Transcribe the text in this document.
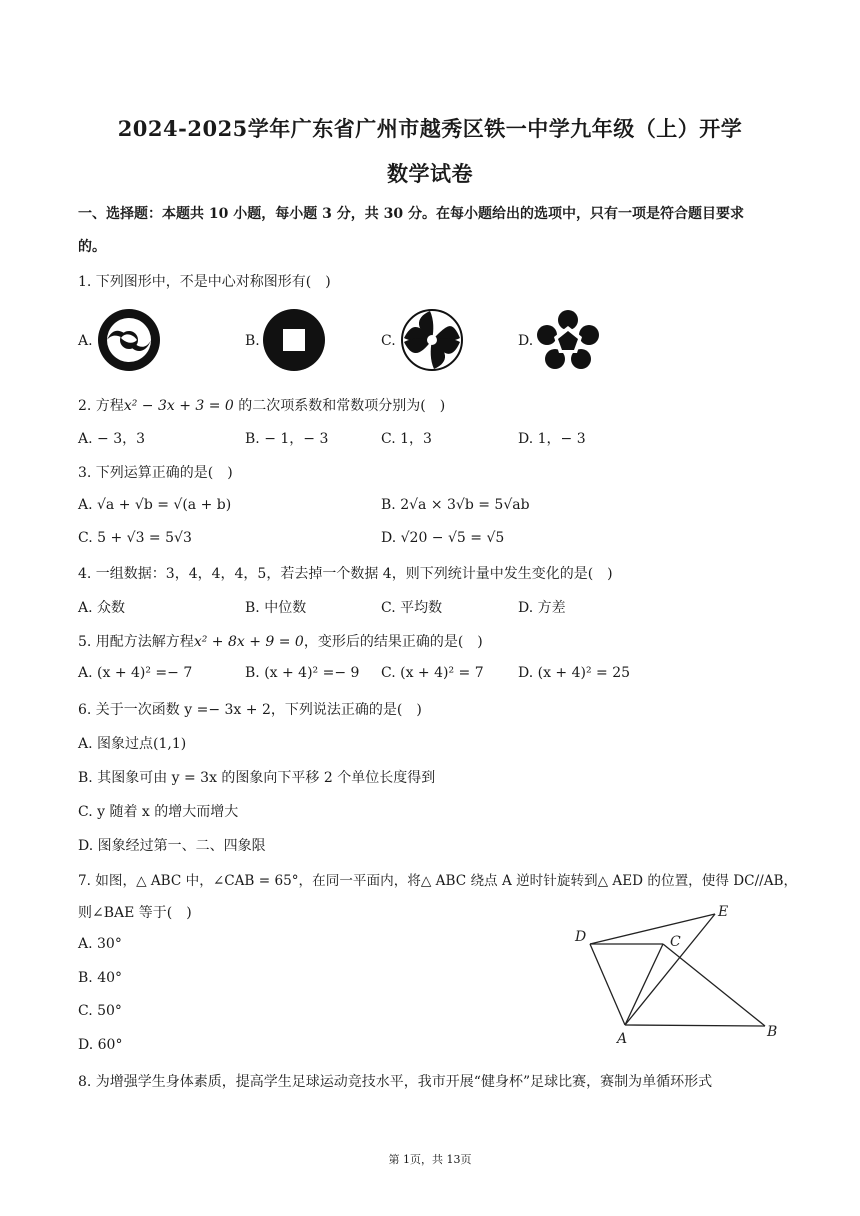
2024-2025学年广东省广州市越秀区铁一中学九年级（上）开学
数学试卷
一、选择题：本题共 10 小题，每小题 3 分，共 30 分。在每小题给出的选项中，只有一项是符合题目要求
的。
1. 下列图形中，不是中心对称图形有(　)
A.	B.	C.	D.
2. 方程x² − 3x + 3 = 0 的二次项系数和常数项分别为(　)
A. − 3，3	B. − 1，− 3	C. 1，3	D. 1，− 3
3. 下列运算正确的是(　)
A. √a + √b = √(a + b)	B. 2√a × 3√b = 5√ab
C. 5 + √3 = 5√3	D. √20 − √5 = √5
4. 一组数据：3，4，4，4，5，若去掉一个数据 4，则下列统计量中发生变化的是(　)
A. 众数	B. 中位数	C. 平均数	D. 方差
5. 用配方法解方程x² + 8x + 9 = 0，变形后的结果正确的是(　)
A. (x + 4)² =− 7	B. (x + 4)² =− 9 C. (x + 4)² = 7 D. (x + 4)² = 25
6. 关于一次函数 y =− 3x + 2，下列说法正确的是(　)
A. 图象过点(1,1)
B. 其图象可由 y = 3x 的图象向下平移 2 个单位长度得到
C. y 随着 x 的增大而增大
D. 图象经过第一、二、四象限
7. 如图，△ ABC 中，∠CAB = 65°，在同一平面内，将△ ABC 绕点 A 逆时针旋转到△ AED 的位置，使得 DC//AB，
则∠BAE 等于(　)
A. 30°
B. 40°
C. 50°
D. 60°
D	C
E
A	B
8. 为增强学生身体素质，提高学生足球运动竞技水平，我市开展“健身杯”足球比赛，赛制为单循环形式
第 1页，共 13页
